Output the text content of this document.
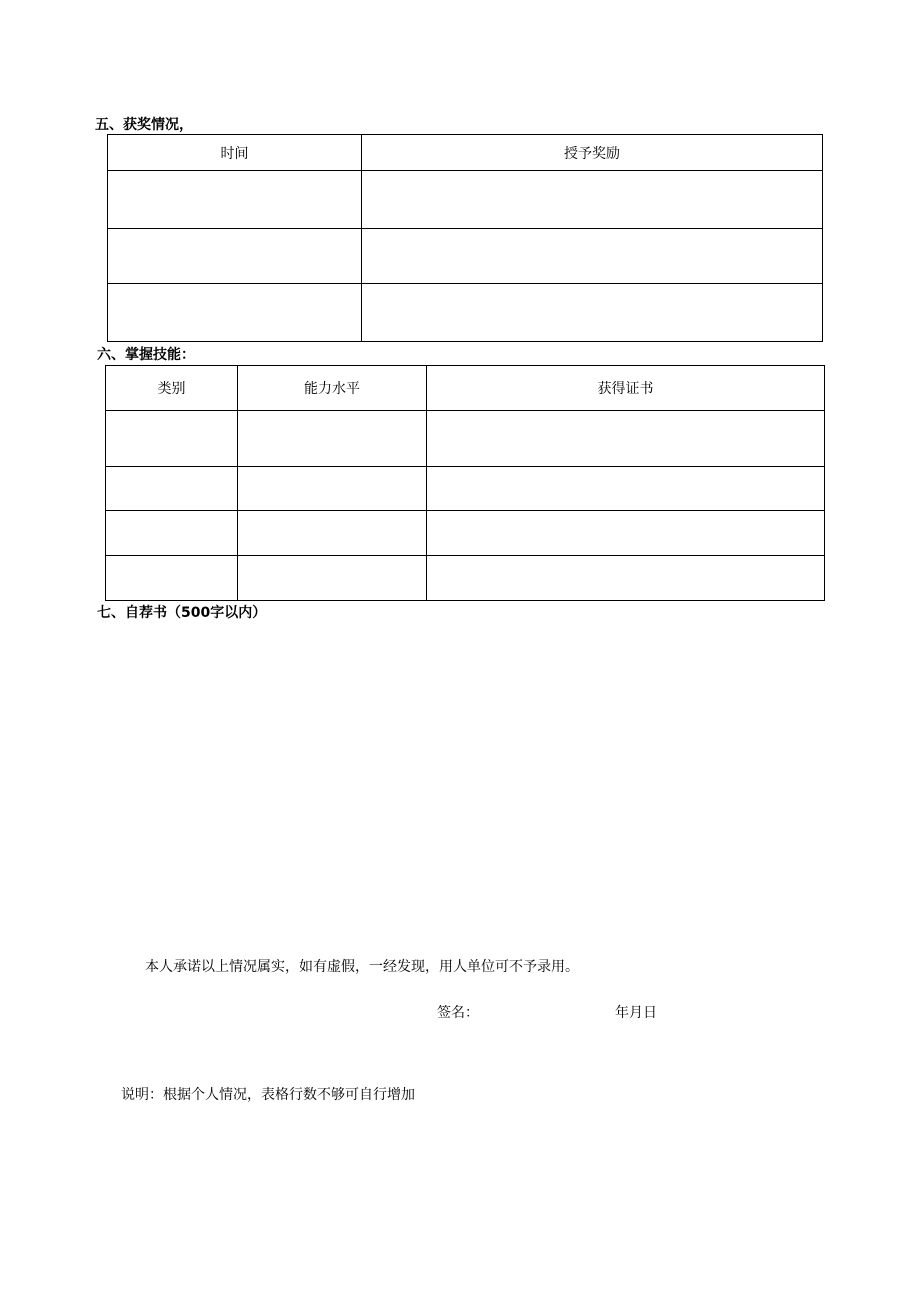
五、获奖情况，
时间	授予奖励

六、掌握技能：
类别	能力水平	获得证书

七、自荐书（500字以内）
本人承诺以上情况属实，如有虚假，一经发现，用人单位可不予录用。
签名：	年月日
说明：根据个人情况，表格行数不够可自行增加
